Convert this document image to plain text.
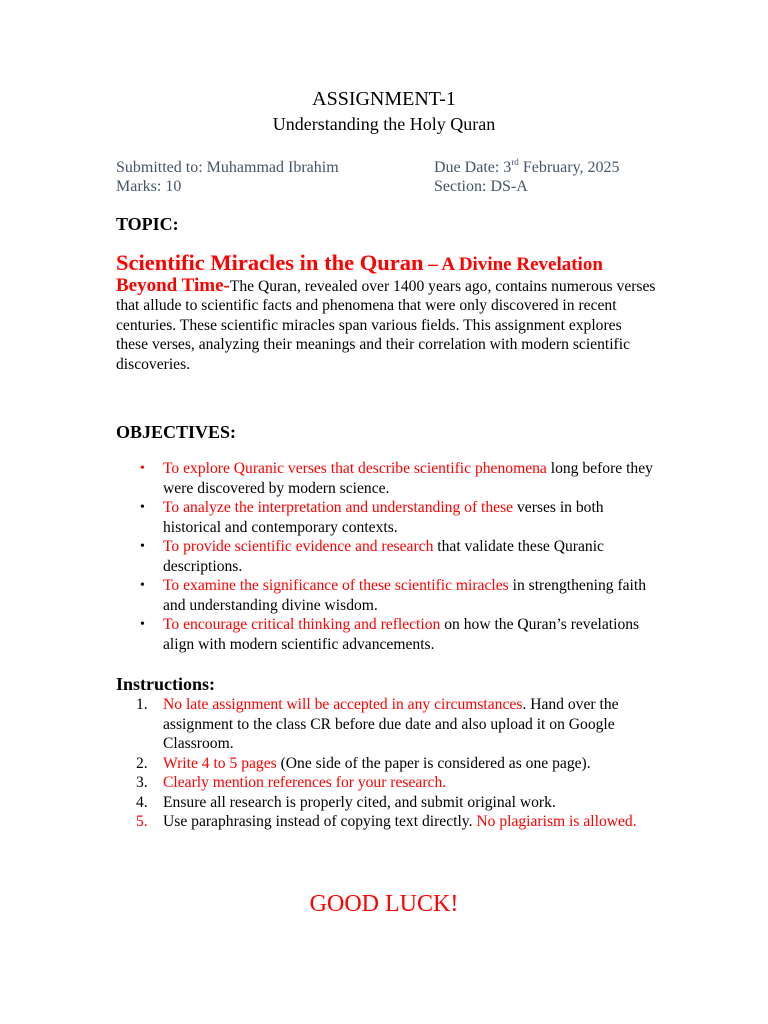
ASSIGNMENT-1
Understanding the Holy Quran
Submitted to: Muhammad Ibrahim
Marks: 10
Due Date: 3rd February, 2025
Section: DS-A
TOPIC:
Scientific Miracles in the Quran – A Divine Revelation Beyond Time-The Quran, revealed over 1400 years ago, contains numerous verses that allude to scientific facts and phenomena that were only discovered in recent centuries. These scientific miracles span various fields. This assignment explores these verses, analyzing their meanings and their correlation with modern scientific discoveries.
OBJECTIVES:
• To explore Quranic verses that describe scientific phenomena long before they were discovered by modern science.
• To analyze the interpretation and understanding of these verses in both historical and contemporary contexts.
• To provide scientific evidence and research that validate these Quranic descriptions.
• To examine the significance of these scientific miracles in strengthening faith and understanding divine wisdom.
• To encourage critical thinking and reflection on how the Quran’s revelations align with modern scientific advancements.
Instructions:
1. No late assignment will be accepted in any circumstances. Hand over the assignment to the class CR before due date and also upload it on Google Classroom.
2. Write 4 to 5 pages (One side of the paper is considered as one page).
3. Clearly mention references for your research.
4. Ensure all research is properly cited, and submit original work.
5. Use paraphrasing instead of copying text directly. No plagiarism is allowed.
GOOD LUCK!
